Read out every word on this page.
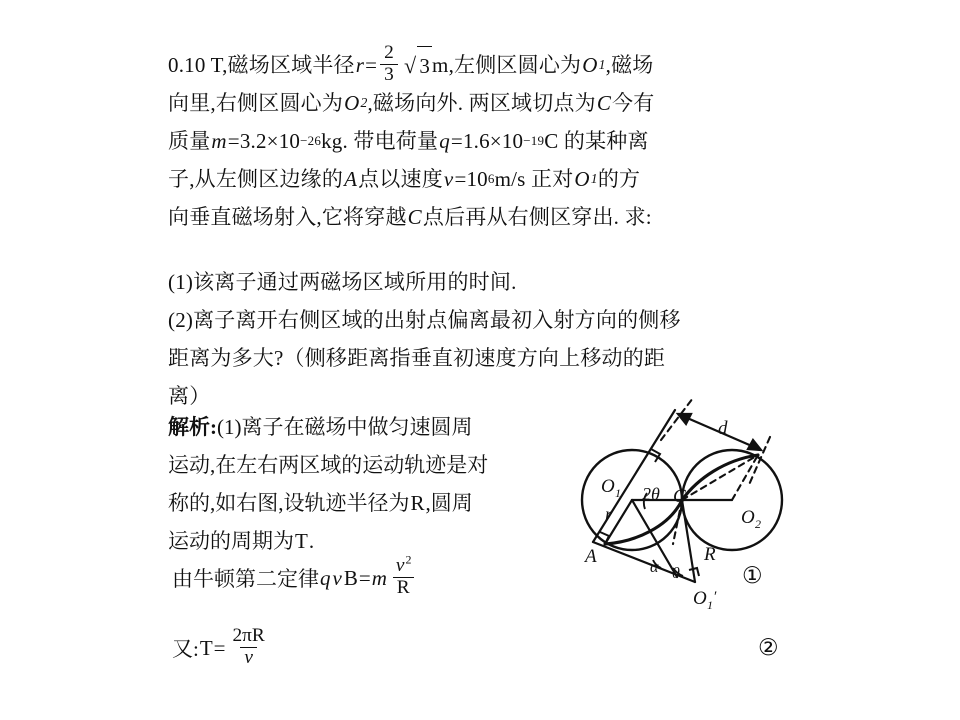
0.10 T,磁场区域半径 $r = \frac{2}{3}$ √ 3 m,左侧区圆心为 O 1 ,磁场
向里,右侧区圆心为 O 2 ,磁场向外. 两区域切点为 C 今有
质量 m =3.2×10 −26 kg. 带电荷量 q =1.6×10 −19 C 的某种离
子,从左侧区边缘的 A 点以速度 v =10 6 m/s 正对 O 1 的方
向垂直磁场射入,它将穿越 C 点后再从右侧区穿出. 求:
(1)该离子通过两磁场区域所用的时间.
(2)离子离开右侧区域的出射点偏离最初入射方向的侧移
距离为多大?（侧移距离指垂直初速度方向上移动的距
离）
解析: (1)离子在磁场中做匀速圆周
运动,在左右两区域的运动轨迹是对
称的,如右图,设轨迹半径为 R ,圆周
运动的周期为 T .
由牛顿第二定律 q v B = m $\frac{v^2}{R}$	①
又: $T = \frac{2\pi R}{v}$	②
O 1 2θ C
O 2
r
A	R
α θ
d
O 1 ′
